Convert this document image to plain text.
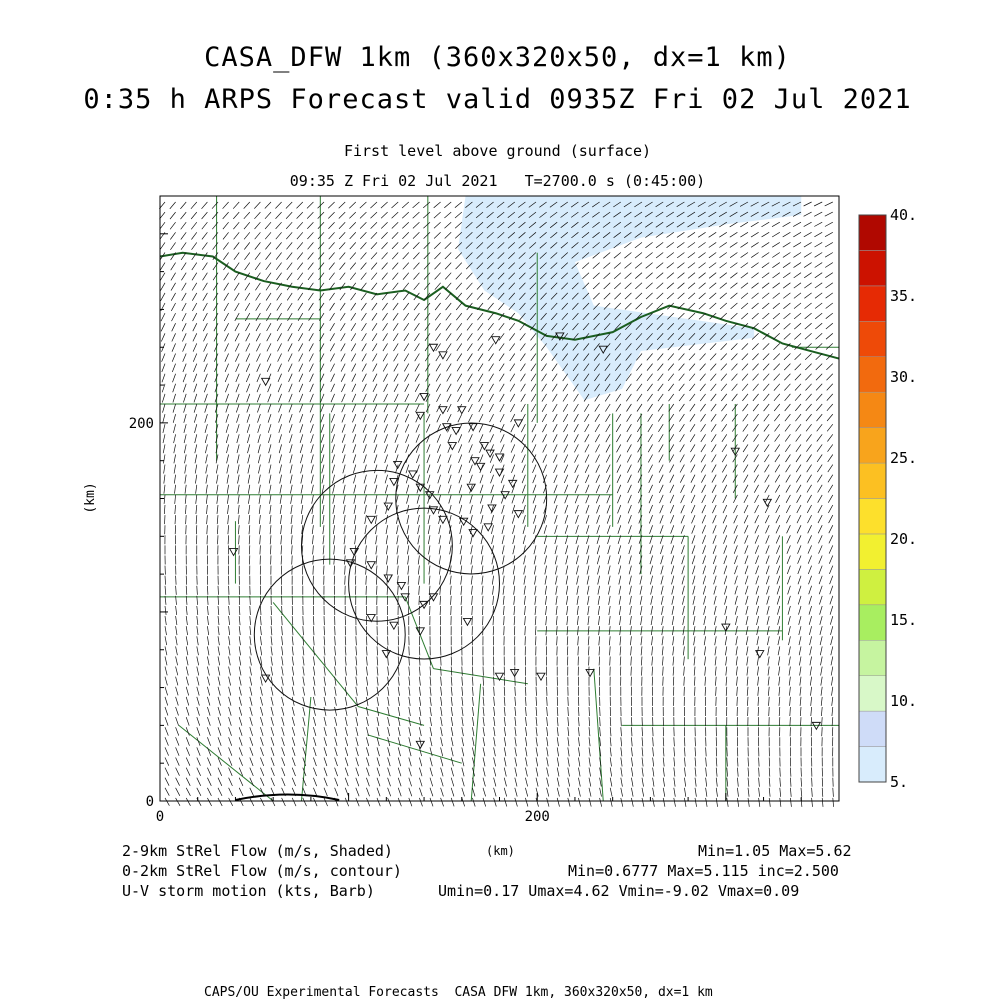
CASA_DFW 1km (360x320x50, dx=1 km)
0:35 h ARPS Forecast valid 0935Z Fri 02 Jul 2021
First level above ground (surface)
09:35 Z Fri 02 Jul 2021   T=2700.0 s (0:45:00)
0	200
0
200
(km)
5.
10.
15.
20.
25.
30.
35.
40.
2-9km StRel Flow (m/s, Shaded)	Min=1.05 Max=5.62
(km)
0-2km StRel Flow (m/s, contour)	Min=0.6777 Max=5.115 inc=2.500
U-V storm motion (kts, Barb)	Umin=0.17 Umax=4.62 Vmin=-9.02 Vmax=0.09
CAPS/OU Experimental Forecasts  CASA DFW 1km, 360x320x50, dx=1 km
